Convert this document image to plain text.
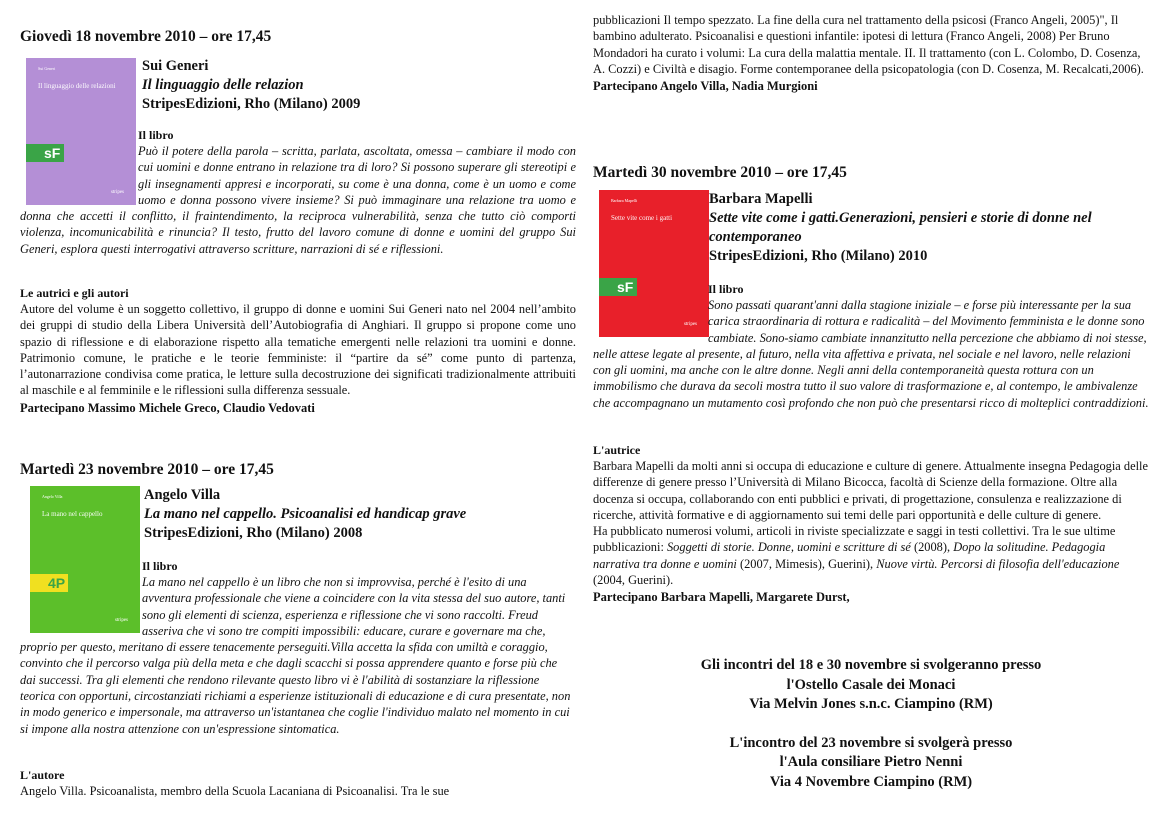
Giovedì 18 novembre 2010 – ore 17,45
Sui Generi
Il linguaggio delle relazioni
sF
stripes
Sui Generi
Il linguaggio delle relazion
StripesEdizioni, Rho (Milano) 2009
Il libro
Può il potere della parola – scritta, parlata, ascoltata, omessa – cambiare il modo con cui uomini e donne entrano in relazione tra di loro? Si possono superare gli stereotipi e gli insegnamenti appresi e incorporati, su come è una donna, come è un uomo e come uomo e donna possono vivere insieme? Si può immaginare una relazione tra uomo e donna che accetti il conflitto, il fraintendimento, la reciproca vulnerabilità, senza che tutto ciò comporti violenza, incomunicabilità e rinuncia? Il testo, frutto del lavoro comune di donne e uomini del gruppo Sui Generi, esplora questi interrogativi attraverso scritture, narrazioni di sé e riflessioni.
Le autrici e gli autori
Autore del volume è un soggetto collettivo, il gruppo di donne e uomini Sui Generi nato nel 2004 nell’ambito dei gruppi di studio della Libera Università dell’Autobiografia di Anghiari. Il gruppo si propone come uno spazio di riflessione e di elaborazione rispetto alla tematiche emergenti nelle relazioni tra uomini e donne. Patrimonio comune, le pratiche e le teorie femministe: il “partire da sé” come punto di partenza, l’autonarrazione condivisa come pratica, le letture sulla decostruzione dei significati tradizionalmente attribuiti al maschile e al femminile e le riflessioni sulla differenza sessuale.
Partecipano Massimo Michele Greco, Claudio Vedovati
Martedì 23 novembre 2010 – ore 17,45
Angelo Villa
La mano nel cappello
4P
stripes
Angelo Villa
La mano nel cappello. Psicoanalisi ed handicap grave
StripesEdizioni, Rho (Milano) 2008
Il libro
La mano nel cappello è un libro che non si improvvisa, perché è l'esito di una avventura professionale che viene a coincidere con la vita stessa del suo autore, tanti sono gli elementi di scienza, esperienza e riflessione che vi sono raccolti. Freud asseriva che vi sono tre compiti impossibili: educare, curare e governare ma che, proprio per questo, meritano di essere tenacemente perseguiti.Villa accetta la sfida con umiltà e coraggio, convinto che il percorso valga più della meta e che dagli scacchi si possa apprendere quanto e forse più che dai successi. Tra gli elementi che rendono rilevante questo libro vi è l'abilità di sostanziare la riflessione teorica con opportuni, circostanziati richiami a esperienze istituzionali di educazione e di cura presentate, non in modo generico e impersonale, ma attraverso un'istantanea che coglie l'individuo malato nel momento in cui si impone alla nostra attenzione con un'espressione sintomatica.
L'autore
Angelo Villa. Psicoanalista, membro della Scuola Lacaniana di Psicoanalisi. Tra le sue
pubblicazioni Il tempo spezzato. La fine della cura nel trattamento della psicosi (Franco Angeli, 2005)", Il bambino adulterato. Psicoanalisi e questioni infantile: ipotesi di lettura (Franco Angeli, 2008) Per Bruno Mondadori ha curato i volumi: La cura della malattia mentale. II. Il trattamento (con L. Colombo, D. Cosenza, A. Cozzi) e Civiltà e disagio. Forme contemporanee della psicopatologia (con D. Cosenza, M. Recalcati,2006).
Partecipano Angelo Villa, Nadia Murgioni
Martedì 30 novembre 2010 – ore 17,45
Barbara Mapelli
Sette vite come i gatti
sF
stripes
Barbara Mapelli
Sette vite come i gatti.Generazioni, pensieri e storie di donne nel contemporaneo
StripesEdizioni, Rho (Milano) 2010
Il libro
Sono passati quarant'anni dalla stagione iniziale – e forse più interessante per la sua carica straordinaria di rottura e radicalità – del Movimento femminista e le donne sono cambiate. Sono-siamo cambiate innanzitutto nella percezione che abbiamo di noi stesse, nelle attese legate al presente, al futuro, nella vita affettiva e privata, nel sociale e nel lavoro, nelle relazioni con gli uomini, ma anche con le altre donne. Negli anni della contemporaneità questa rottura con un immobilismo che durava da secoli mostra tutto il suo valore di trasformazione e, al contempo, le ambivalenze che accompagnano un mutamento così profondo che non può che presentarsi ricco di molteplici contraddizioni.
L'autrice
Barbara Mapelli da molti anni si occupa di educazione e culture di genere. Attualmente insegna Pedagogia delle differenze di genere presso l’Università di Milano Bicocca, facoltà di Scienze della formazione. Oltre alla docenza si occupa, collaborando con enti pubblici e privati, di progettazione, consulenza e realizzazione di ricerche, attività formative e di aggiornamento sui temi delle pari opportunità e delle culture di genere.
Ha pubblicato numerosi volumi, articoli in riviste specializzate e saggi in testi collettivi. Tra le sue ultime pubblicazioni: Soggetti di storie. Donne, uomini e scritture di sé (2008), Dopo la solitudine. Pedagogia narrativa tra donne e uomini (2007, Mimesis), Guerini), Nuove virtù. Percorsi di filosofia dell'educazione (2004, Guerini).
Partecipano Barbara Mapelli, Margarete Durst,
Gli incontri del 18 e 30 novembre si svolgeranno presso
l'Ostello Casale dei Monaci
Via Melvin Jones s.n.c. Ciampino (RM)
L'incontro del 23 novembre si svolgerà presso
l'Aula consiliare Pietro Nenni
Via 4 Novembre Ciampino (RM)
